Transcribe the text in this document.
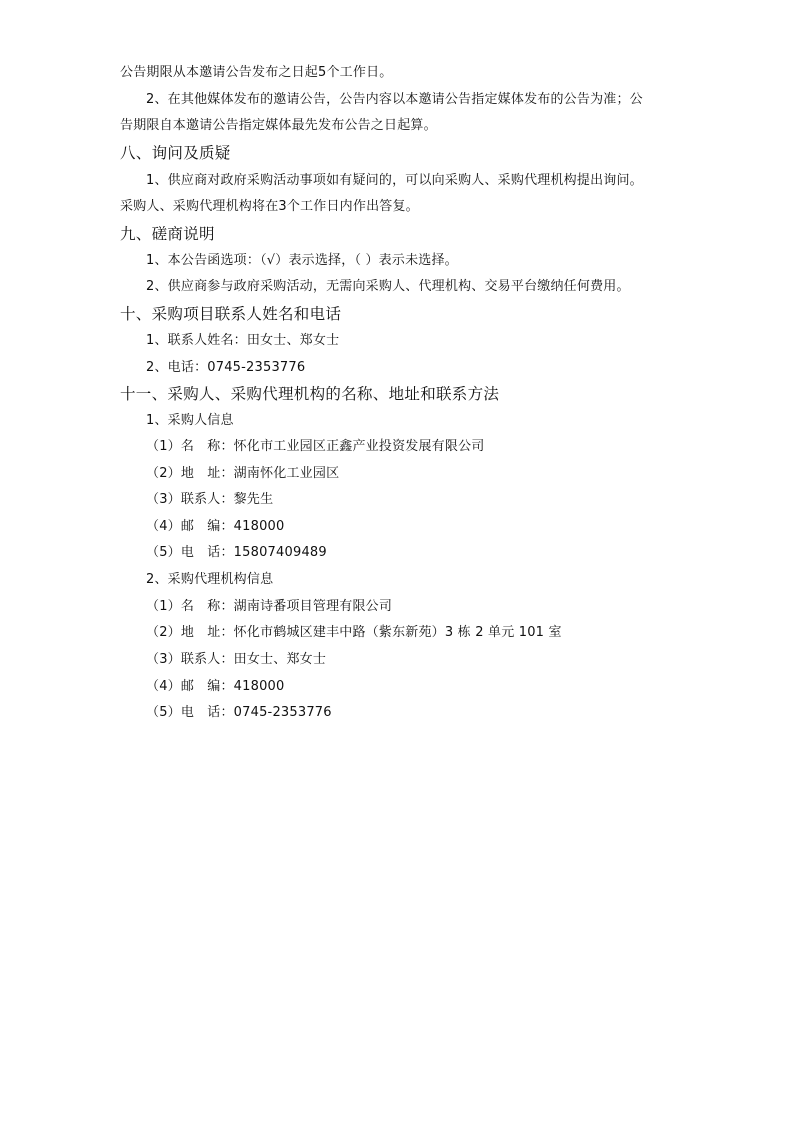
公告期限从本邀请公告发布之日起5个工作日。
2、在其他媒体发布的邀请公告，公告内容以本邀请公告指定媒体发布的公告为准；公
告期限自本邀请公告指定媒体最先发布公告之日起算。
八、询问及质疑
1、供应商对政府采购活动事项如有疑问的，可以向采购人、采购代理机构提出询问。
采购人、采购代理机构将在3个工作日内作出答复。
九、磋商说明
1、本公告函选项：（√）表示选择，（ ）表示未选择。
2、供应商参与政府采购活动，无需向采购人、代理机构、交易平台缴纳任何费用。
十、采购项目联系人姓名和电话
1、联系人姓名：田女士、郑女士
2、电话：0745-2353776
十一、采购人、采购代理机构的名称、地址和联系方法
1、采购人信息
（1）名　称：怀化市工业园区正鑫产业投资发展有限公司
（2）地　址：湖南怀化工业园区
（3）联系人：黎先生
（4）邮　编：418000
（5）电　话：15807409489
2、采购代理机构信息
（1）名　称：湖南诗番项目管理有限公司
（2）地　址：怀化市鹤城区建丰中路（紫东新苑）3 栋 2 单元 101 室
（3）联系人：田女士、郑女士
（4）邮　编：418000
（5）电　话：0745-2353776
